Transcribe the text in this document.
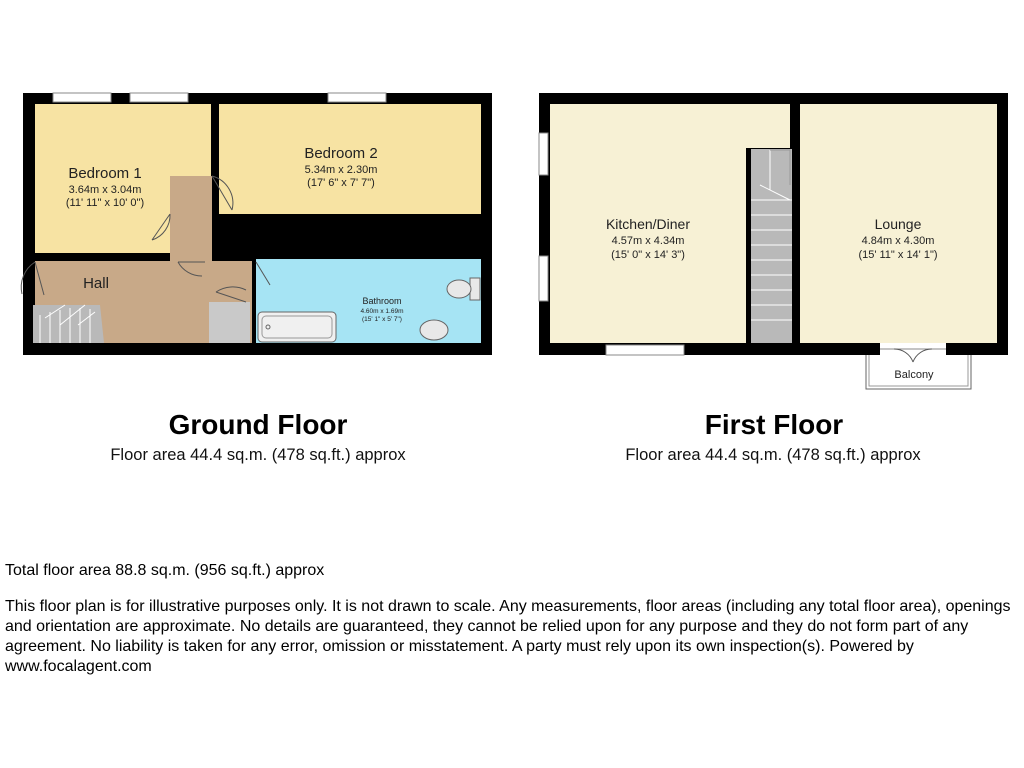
Bedroom 1
3.64m x 3.04m
(11' 11" x 10' 0")
Bedroom 2
5.34m x 2.30m
(17' 6" x 7' 7")
Hall
Bathroom
4.60m x 1.69m
(15' 1" x 5' 7")
Kitchen/Diner
4.57m x 4.34m
(15' 0" x 14' 3")
Lounge
4.84m x 4.30m
(15' 11" x 14' 1")
Balcony
Ground Floor
Floor area 44.4 sq.m. (478 sq.ft.) approx
First Floor
Floor area 44.4 sq.m. (478 sq.ft.) approx
Total floor area 88.8 sq.m. (956 sq.ft.) approx
This floor plan is for illustrative purposes only. It is not drawn to scale. Any measurements, floor areas (including any total floor area), openings and orientation are approximate. No details are guaranteed, they cannot be relied upon for any purpose and they do not form part of any agreement. No liability is taken for any error, omission or misstatement. A party must rely upon its own inspection(s). Powered by www.focalagent.com
